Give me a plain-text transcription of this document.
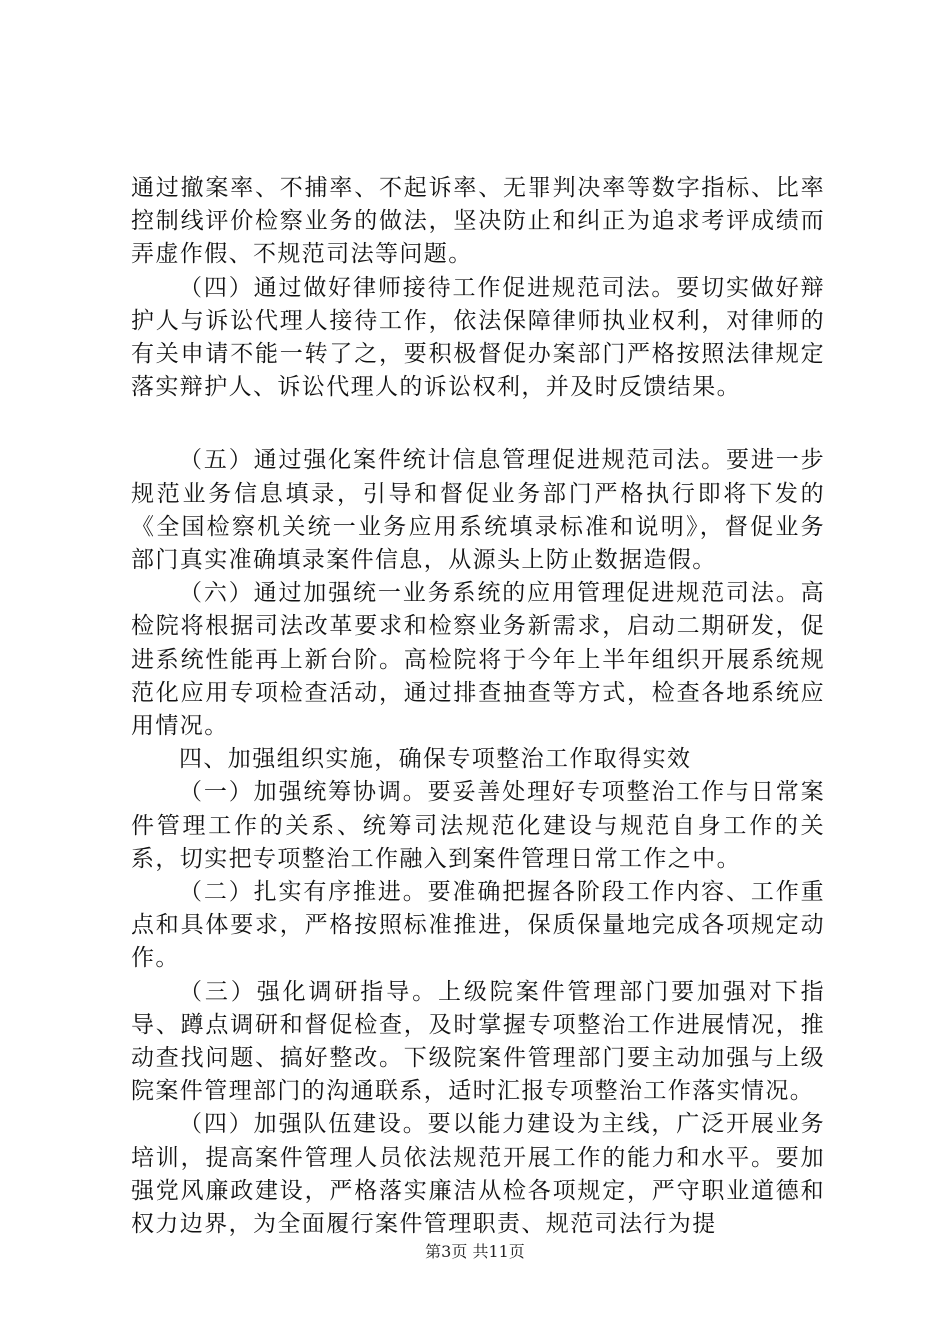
通过撤案率、不捕率、不起诉率、无罪判决率等数字指标、比率控制线评价检察业务的做法，坚决防止和纠正为追求考评成绩而弄虚作假、不规范司法等问题。

（四）通过做好律师接待工作促进规范司法。要切实做好辩护人与诉讼代理人接待工作，依法保障律师执业权利，对律师的有关申请不能一转了之，要积极督促办案部门严格按照法律规定落实辩护人、诉讼代理人的诉讼权利，并及时反馈结果。

（五）通过强化案件统计信息管理促进规范司法。要进一步规范业务信息填录，引导和督促业务部门严格执行即将下发的《全国检察机关统一业务应用系统填录标准和说明》，督促业务部门真实准确填录案件信息，从源头上防止数据造假。

（六）通过加强统一业务系统的应用管理促进规范司法。高检院将根据司法改革要求和检察业务新需求，启动二期研发，促进系统性能再上新台阶。高检院将于今年上半年组织开展系统规范化应用专项检查活动，通过排查抽查等方式，检查各地系统应用情况。

四、加强组织实施，确保专项整治工作取得实效

（一）加强统筹协调。要妥善处理好专项整治工作与日常案件管理工作的关系、统筹司法规范化建设与规范自身工作的关系，切实把专项整治工作融入到案件管理日常工作之中。

（二）扎实有序推进。要准确把握各阶段工作内容、工作重点和具体要求，严格按照标准推进，保质保量地完成各项规定动作。

（三）强化调研指导。上级院案件管理部门要加强对下指导、蹲点调研和督促检查，及时掌握专项整治工作进展情况，推动查找问题、搞好整改。下级院案件管理部门要主动加强与上级院案件管理部门的沟通联系，适时汇报专项整治工作落实情况。

（四）加强队伍建设。要以能力建设为主线，广泛开展业务培训，提高案件管理人员依法规范开展工作的能力和水平。要加强党风廉政建设，严格落实廉洁从检各项规定，严守职业道德和权力边界，为全面履行案件管理职责、规范司法行为提

第3页 共11页
